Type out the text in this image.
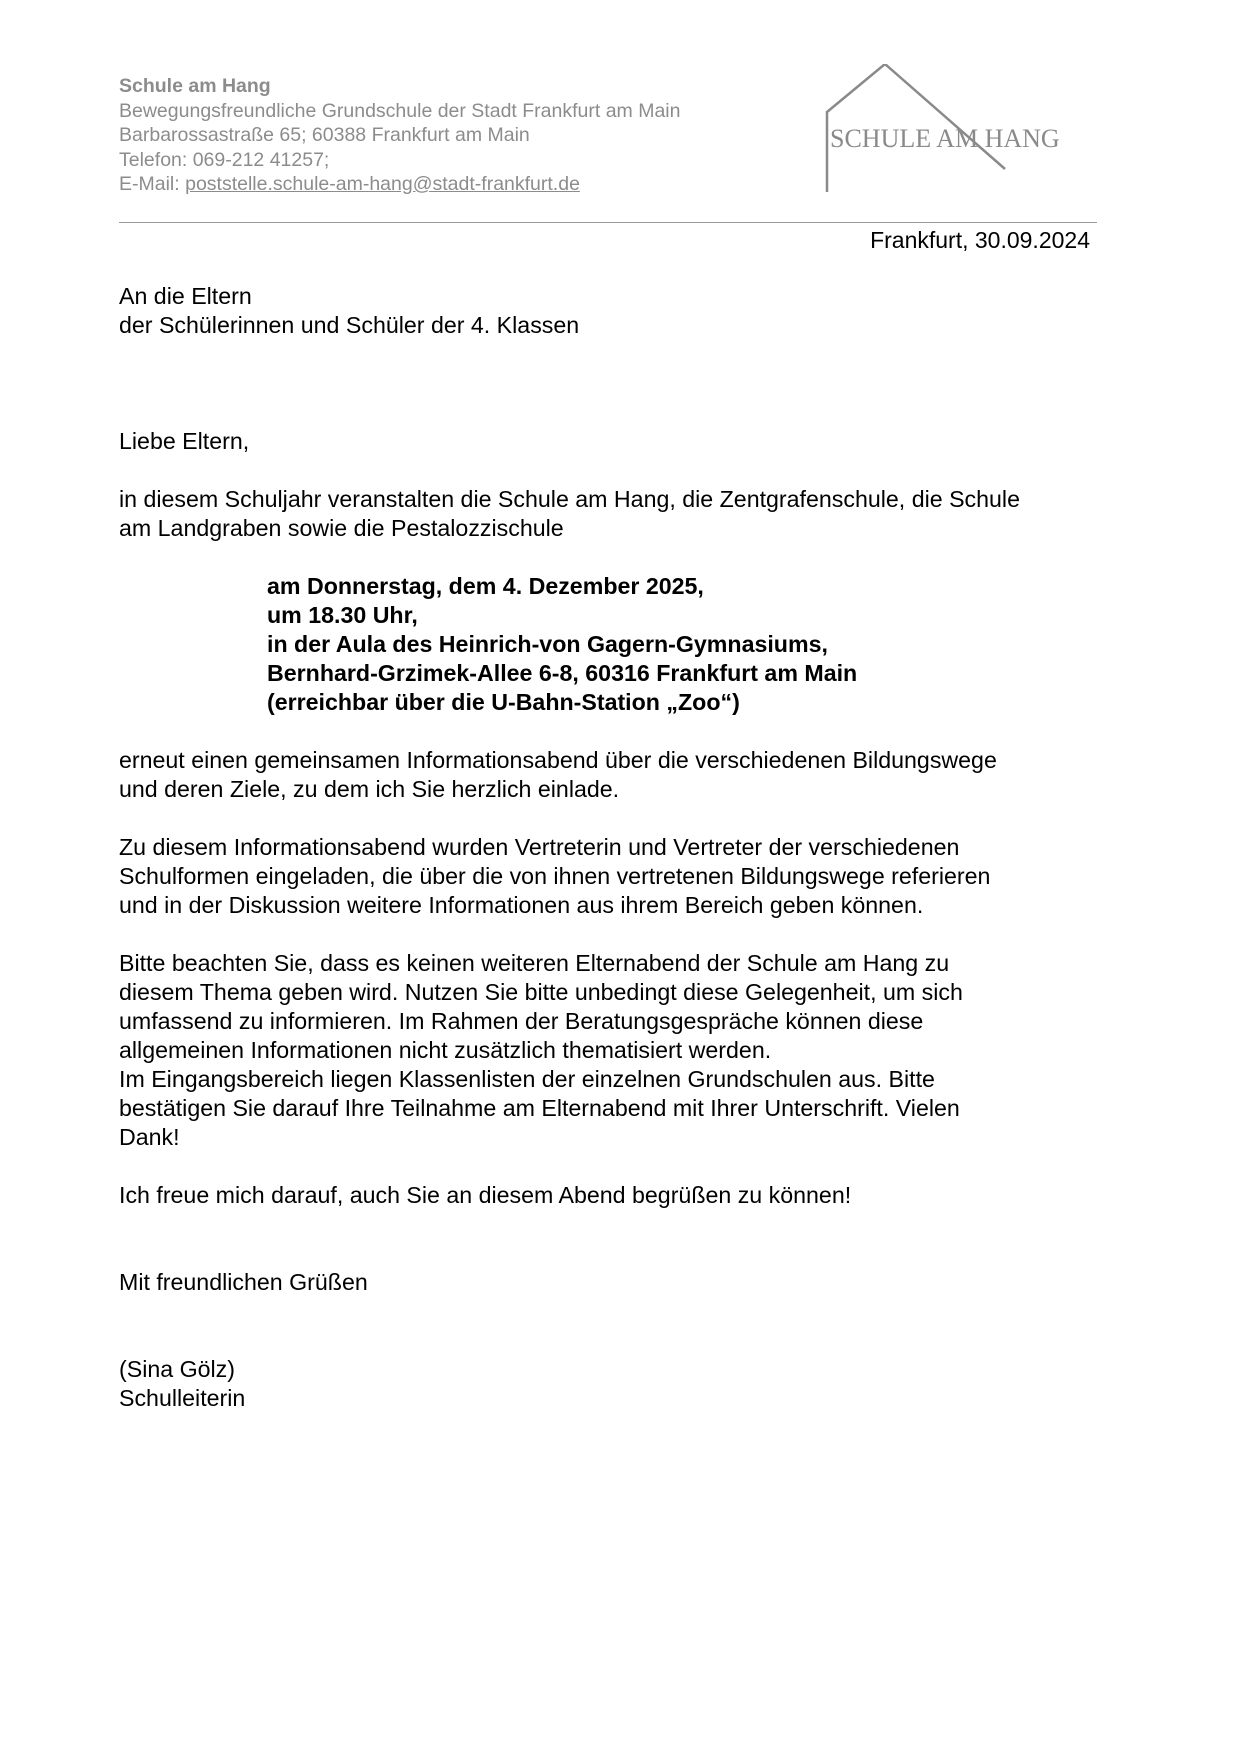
Schule am Hang
Bewegungsfreundliche Grundschule der Stadt Frankfurt am Main
Barbarossastraße 65; 60388 Frankfurt am Main
Telefon: 069-212 41257;
E-Mail: poststelle.schule-am-hang@stadt-frankfurt.de
SCHULE AM HANG
Frankfurt, 30.09.2024

An die Eltern
der Schülerinnen und Schüler der 4. Klassen

Liebe Eltern,

in diesem Schuljahr veranstalten die Schule am Hang, die Zentgrafenschule, die Schule
am Landgraben sowie die Pestalozzischule

am Donnerstag, dem 4. Dezember 2025,
um 18.30 Uhr,
in der Aula des Heinrich-von Gagern-Gymnasiums,
Bernhard-Grzimek-Allee 6-8, 60316 Frankfurt am Main
(erreichbar über die U-Bahn-Station „Zoo“)

erneut einen gemeinsamen Informationsabend über die verschiedenen Bildungswege
und deren Ziele, zu dem ich Sie herzlich einlade.

Zu diesem Informationsabend wurden Vertreterin und Vertreter der verschiedenen
Schulformen eingeladen, die über die von ihnen vertretenen Bildungswege referieren
und in der Diskussion weitere Informationen aus ihrem Bereich geben können.

Bitte beachten Sie, dass es keinen weiteren Elternabend der Schule am Hang zu
diesem Thema geben wird. Nutzen Sie bitte unbedingt diese Gelegenheit, um sich
umfassend zu informieren. Im Rahmen der Beratungsgespräche können diese
allgemeinen Informationen nicht zusätzlich thematisiert werden.

Im Eingangsbereich liegen Klassenlisten der einzelnen Grundschulen aus. Bitte
bestätigen Sie darauf Ihre Teilnahme am Elternabend mit Ihrer Unterschrift. Vielen
Dank!

Ich freue mich darauf, auch Sie an diesem Abend begrüßen zu können!

Mit freundlichen Grüßen

(Sina Gölz)
Schulleiterin
